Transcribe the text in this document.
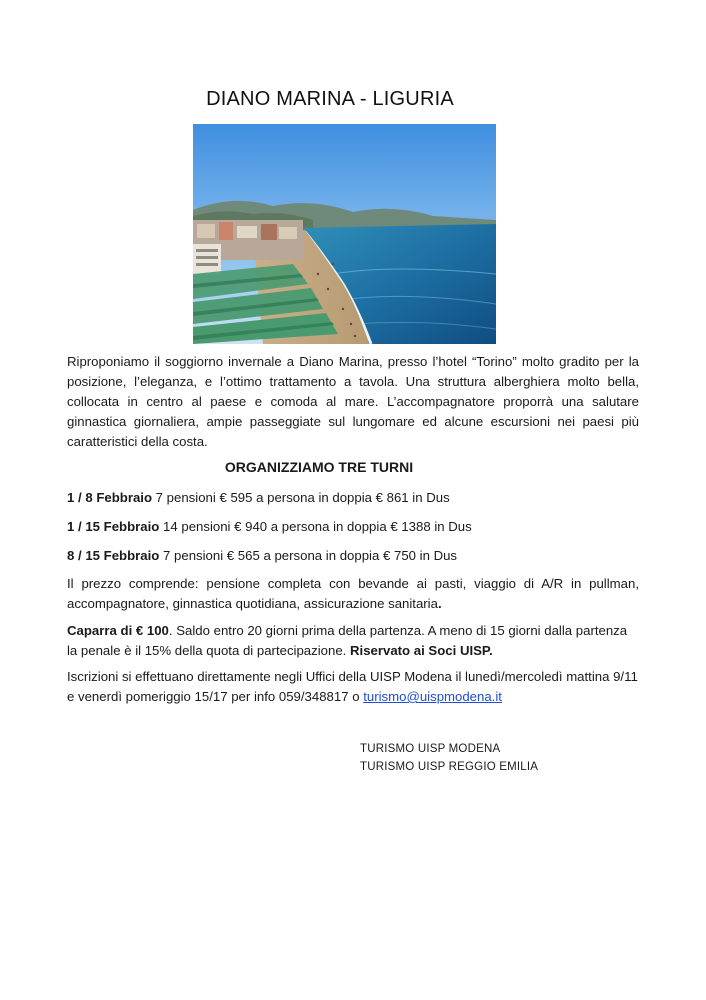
DIANO MARINA - LIGURIA
Riproponiamo il soggiorno invernale a Diano Marina, presso l’hotel “Torino” molto gradito per la posizione, l’eleganza, e l’ottimo trattamento a tavola. Una struttura alberghiera molto bella, collocata in centro al paese e comoda al mare. L’accompagnatore proporrà una salutare ginnastica giornaliera, ampie passeggiate sul lungomare ed alcune escursioni nei paesi più caratteristici della costa.
ORGANIZZIAMO TRE TURNI
1 / 8 Febbraio 7 pensioni € 595 a persona in doppia € 861 in Dus
1 / 15 Febbraio 14 pensioni € 940 a persona in doppia € 1388 in Dus
8 / 15 Febbraio 7 pensioni € 565 a persona in doppia € 750 in Dus
Il prezzo comprende: pensione completa con bevande ai pasti, viaggio di A/R in pullman, accompagnatore, ginnastica quotidiana, assicurazione sanitaria.
Caparra di € 100. Saldo entro 20 giorni prima della partenza. A meno di 15 giorni dalla partenza la penale è il 15% della quota di partecipazione. Riservato ai Soci UISP.
Iscrizioni si effettuano direttamente negli Uffici della UISP Modena il lunedì/mercoledì mattina 9/11 e venerdì pomeriggio 15/17 per info 059/348817 o turismo@uispmodena.it
TURISMO UISP MODENA
TURISMO UISP REGGIO EMILIA
